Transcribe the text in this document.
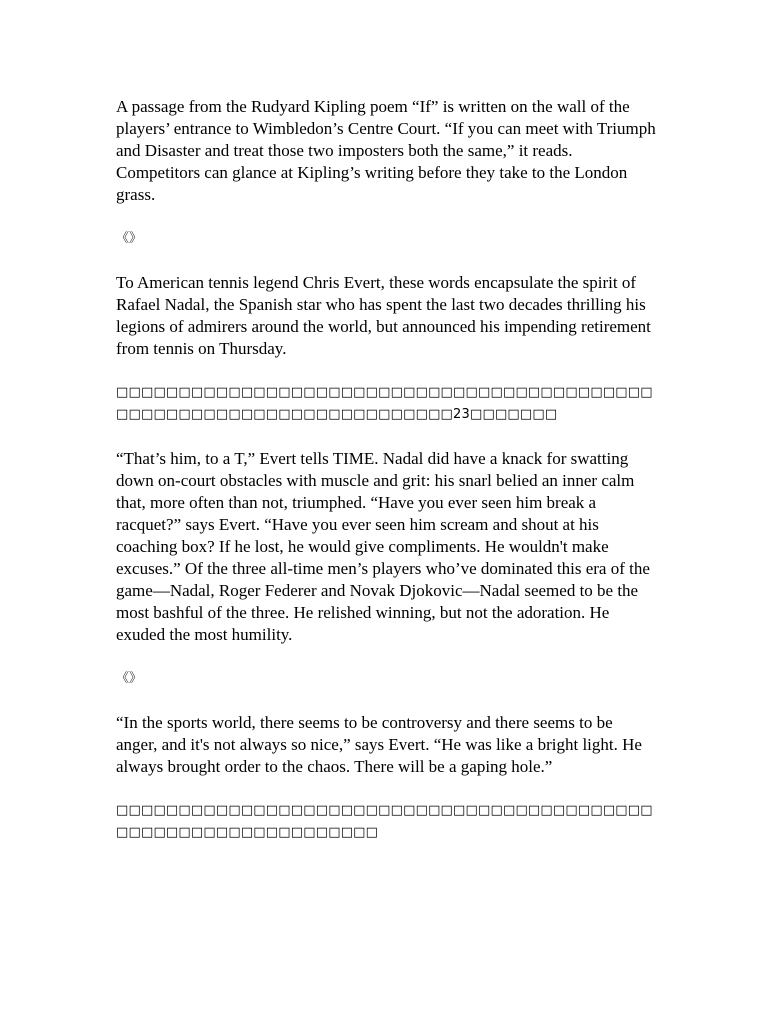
A passage from the Rudyard Kipling poem “If” is written on the wall of the players’ entrance to Wimbledon’s Centre Court. “If you can meet with Triumph and Disaster and treat those two imposters both the same,” it reads. Competitors can glance at Kipling’s writing before they take to the London grass.

《》

To American tennis legend Chris Evert, these words encapsulate the spirit of Rafael Nadal, the Spanish star who has spent the last two decades thrilling his legions of admirers around the world, but announced his impending retirement from tennis on Thursday.

□□□□□□□□□□□□□□□□□□□□□□□□□□□□□□□□□□□□□□□□□□□□□□□□□□□□□□□□□□□□□□□□□□□□□□23□□□□□□□

“That’s him, to a T,” Evert tells TIME. Nadal did have a knack for swatting down on-court obstacles with muscle and grit: his snarl belied an inner calm that, more often than not, triumphed. “Have you ever seen him break a racquet?” says Evert. “Have you ever seen him scream and shout at his coaching box? If he lost, he would give compliments. He wouldn't make excuses.” Of the three all-time men’s players who’ve dominated this era of the game—Nadal, Roger Federer and Novak Djokovic—Nadal seemed to be the most bashful of the three. He relished winning, but not the adoration. He exuded the most humility.

《》

“In the sports world, there seems to be controversy and there seems to be anger, and it's not always so nice,” says Evert. “He was like a bright light. He always brought order to the chaos. There will be a gaping hole.”

□□□□□□□□□□□□□□□□□□□□□□□□□□□□□□□□□□□□□□□□□□□□□□□□□□□□□□□□□□□□□□□□
